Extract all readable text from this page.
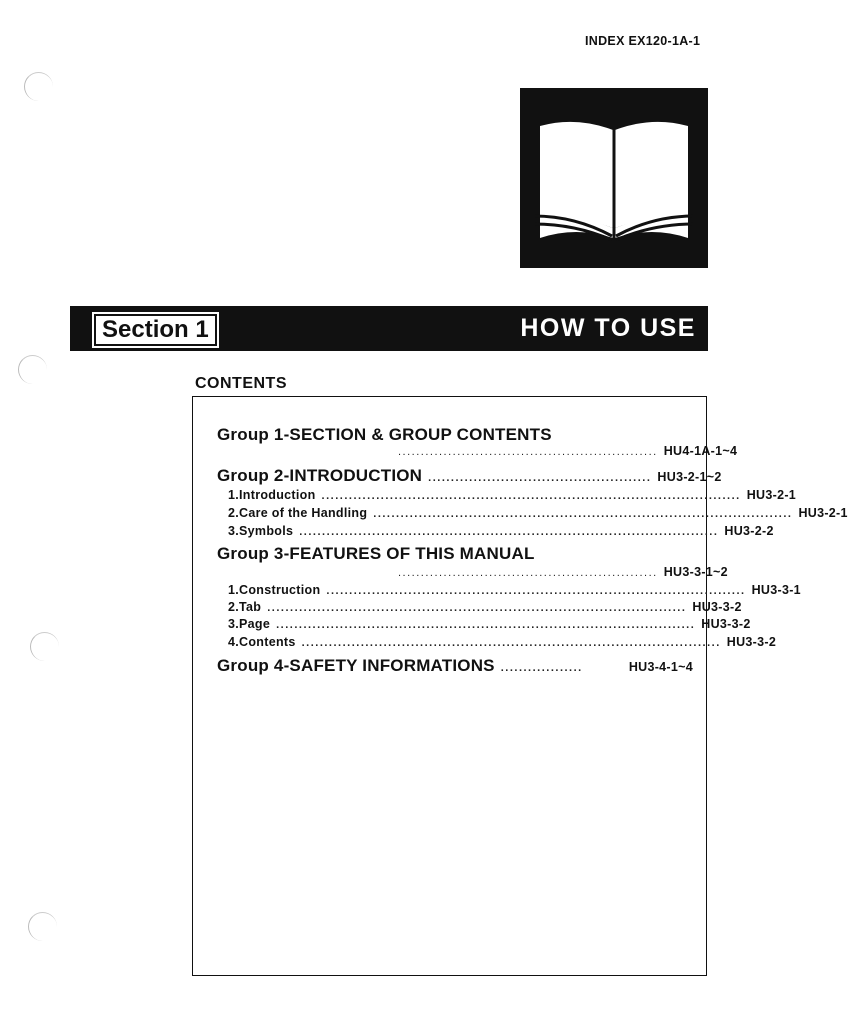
INDEX EX120-1A-1
Section 1	HOW TO USE
CONTENTS
Group 1-SECTION & GROUP CONTENTS
......................................................... HU4-1A-1~4
Group 2-INTRODUCTION ................................................. HU3-2-1~2
1. Introduction ............................................................................................ HU3-2-1
2. Care of the Handling ............................................................................................ HU3-2-1
3. Symbols ............................................................................................ HU3-2-2
Group 3-FEATURES OF THIS MANUAL
......................................................... HU3-3-1~2
1. Construction ............................................................................................ HU3-3-1
2. Tab ............................................................................................ HU3-3-2
3. Page ............................................................................................ HU3-3-2
4. Contents ............................................................................................ HU3-3-2
Group 4-SAFETY INFORMATIONS ..................	HU3-4-1~4
